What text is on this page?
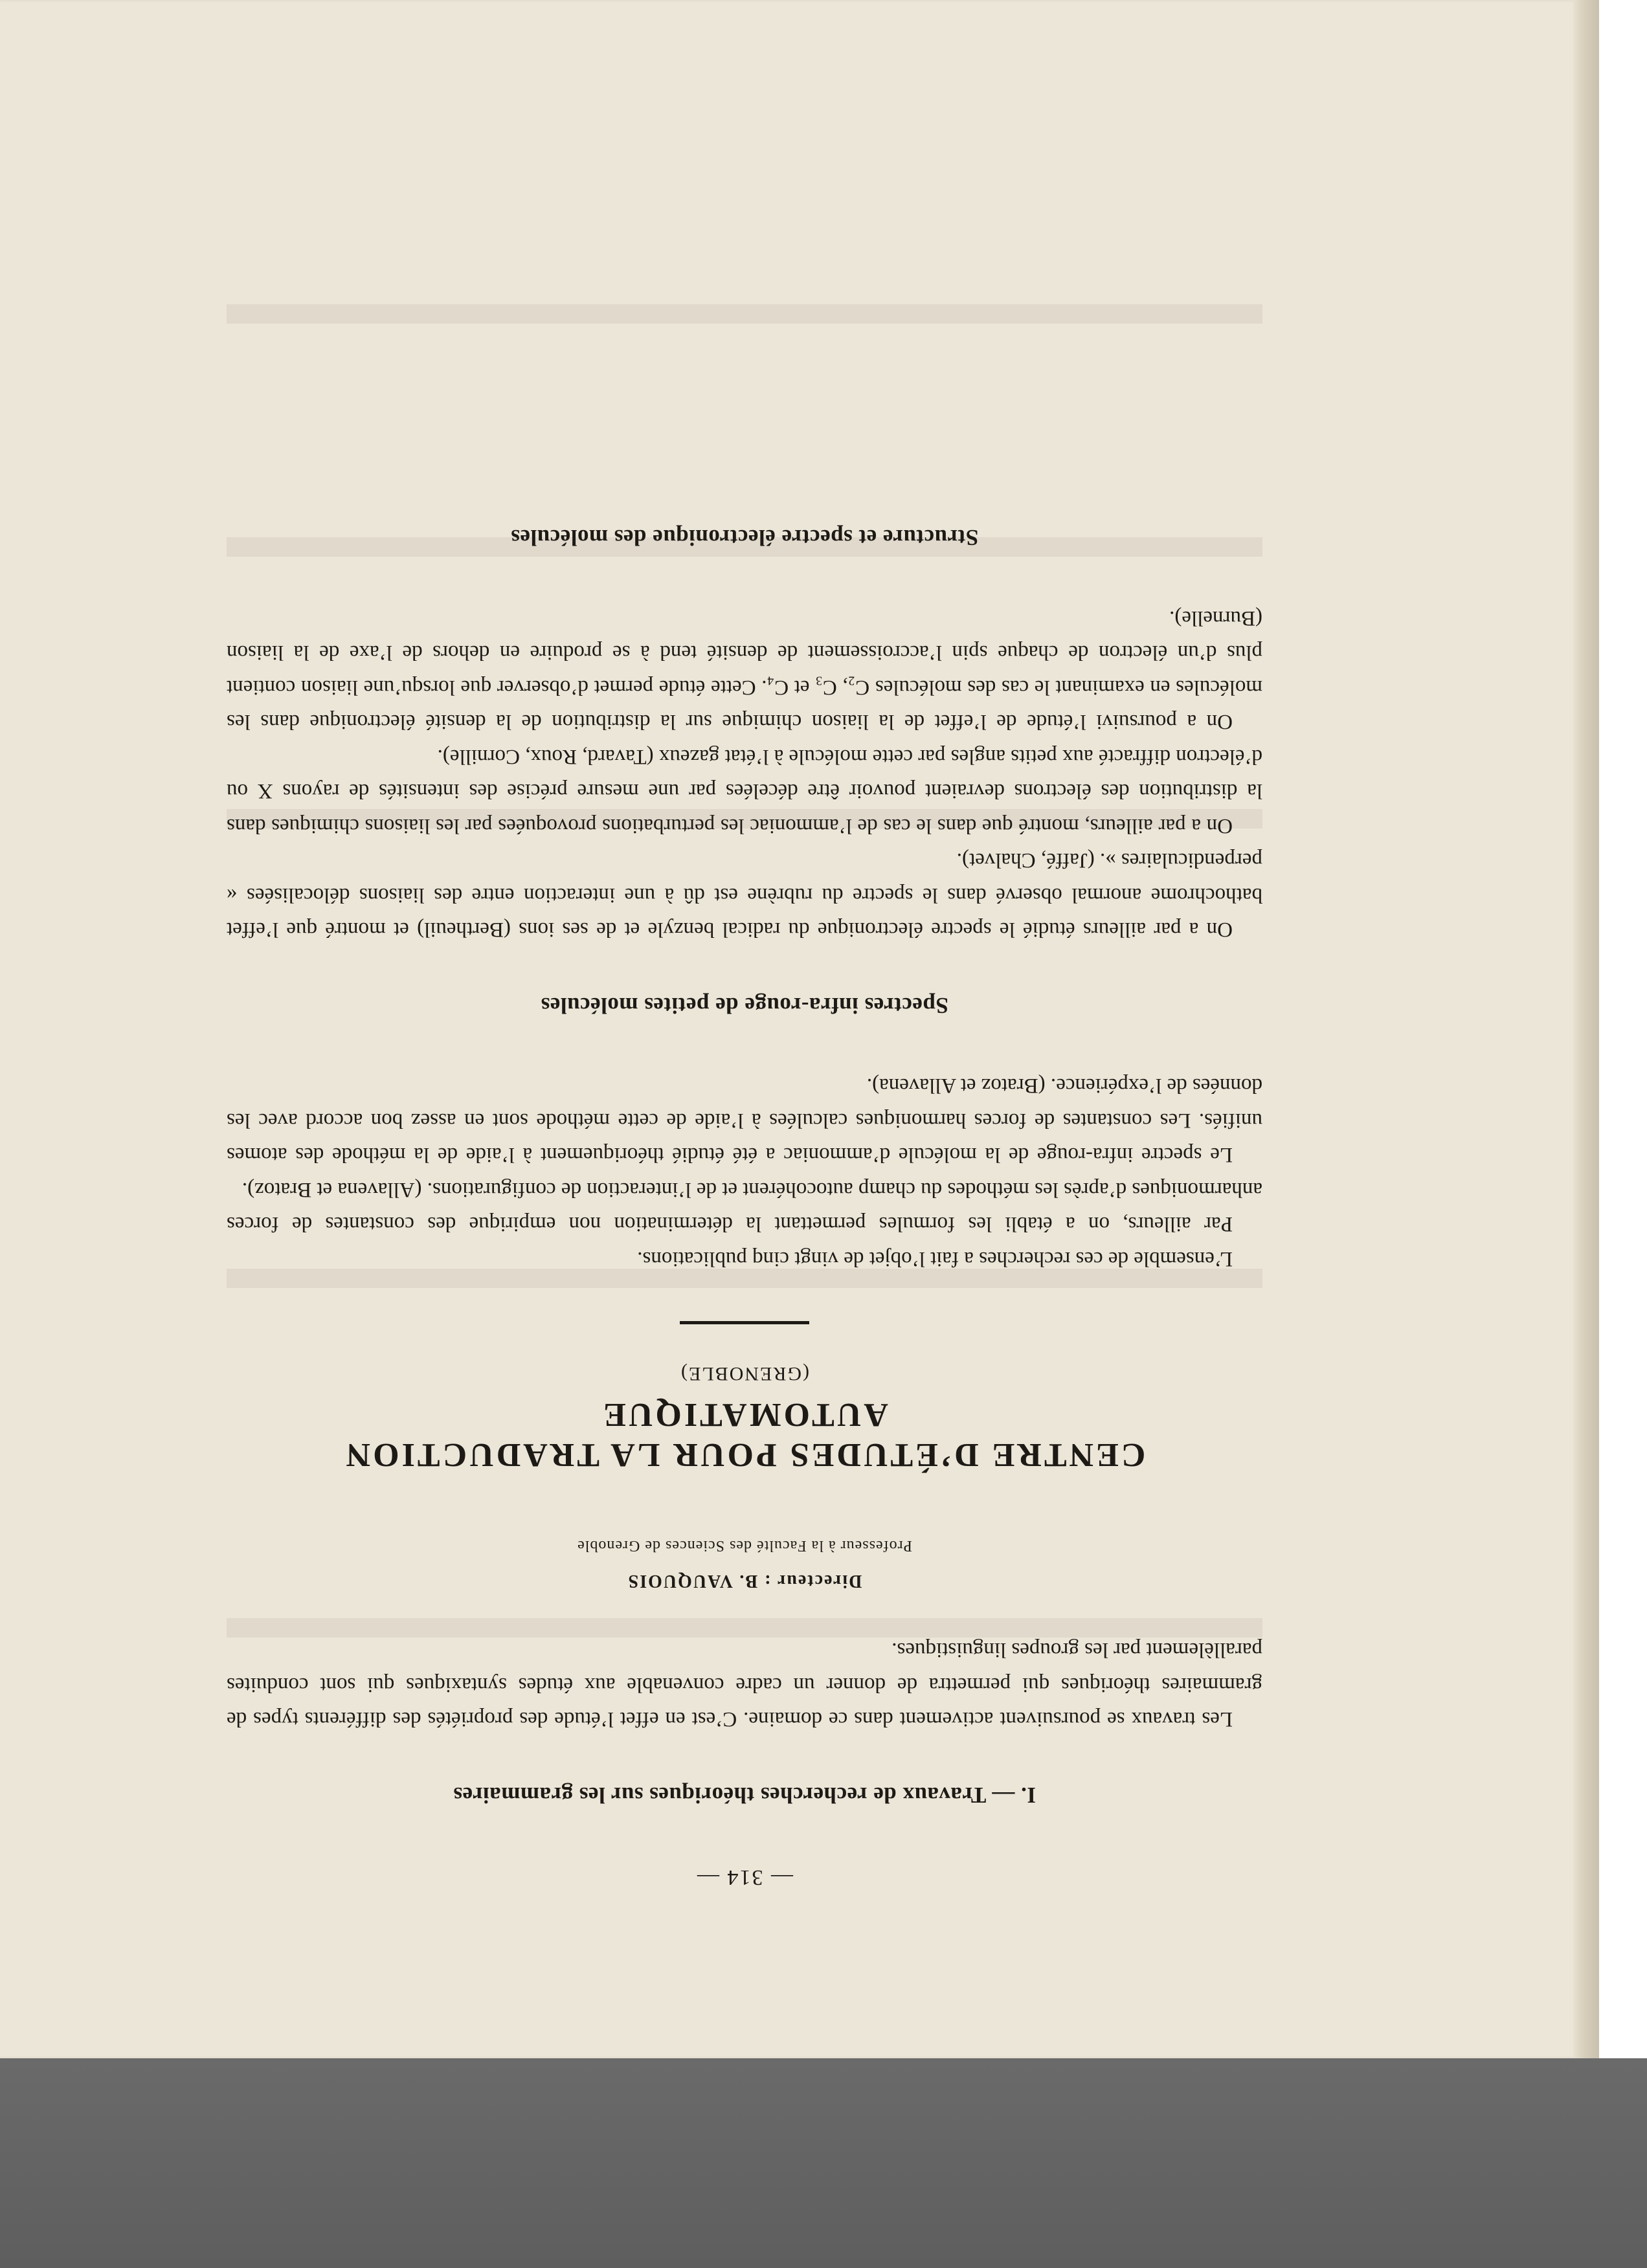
— 314 —
I. — Travaux de recherches théoriques sur les grammaires

Les travaux se poursuivent activement dans ce domaine. C’est en effet l’étude des propriétés des différents types de grammaires théoriques qui permettra de donner un cadre convenable aux études syntaxiques qui sont conduites parallèlement par les groupes linguistiques.

Directeur : B. VAUQUOIS
Professeur à la Faculté des Sciences de Grenoble
CENTRE D’ÉTUDES POUR LA TRADUCTION AUTOMATIQUE
(GRENOBLE)

L’ensemble de ces recherches a fait l’objet de vingt cinq publications.

Par ailleurs, on a établi les formules permettant la détermination non empirique des constantes de forces anharmoniques d’après les méthodes du champ autocohérent et de l’interaction de configurations. (Allavena et Bratoz).

Le spectre infra-rouge de la molécule d’ammoniac a été étudié théoriquement à l’aide de la méthode des atomes unifiés. Les constantes de forces harmoniques calculées à l’aide de cette méthode sont en assez bon accord avec les données de l’expérience. (Bratoz et Allavena).

Spectres infra-rouge de petites molécules

On a par ailleurs étudié le spectre électronique du radical benzyle et de ses ions (Bertheuil) et montré que l’effet bathochrome anormal observé dans le spectre du rubrène est dû à une interaction entre des liaisons délocalisées « perpendiculaires ». (Jaffé, Chalvet).

On a par ailleurs, montré que dans le cas de l’ammoniac les perturbations provoquées par les liaisons chimiques dans la distribution des électrons devraient pouvoir être décelées par une mesure précise des intensités de rayons X ou d’électron diffracté aux petits angles par cette molécule à l’état gazeux (Tavard, Roux, Cornille).

On a poursuivi l’étude de l’effet de la liaison chimique sur la distribution de la densité électronique dans les molécules en examinant le cas des molécules C₂, C₃ et C₄. Cette étude permet d’observer que lorsqu’une liaison contient plus d’un électron de chaque spin l’accroissement de densité tend à se produire en dehors de l’axe de la liaison (Burnelle).

Structure et spectre électronique des molécules
